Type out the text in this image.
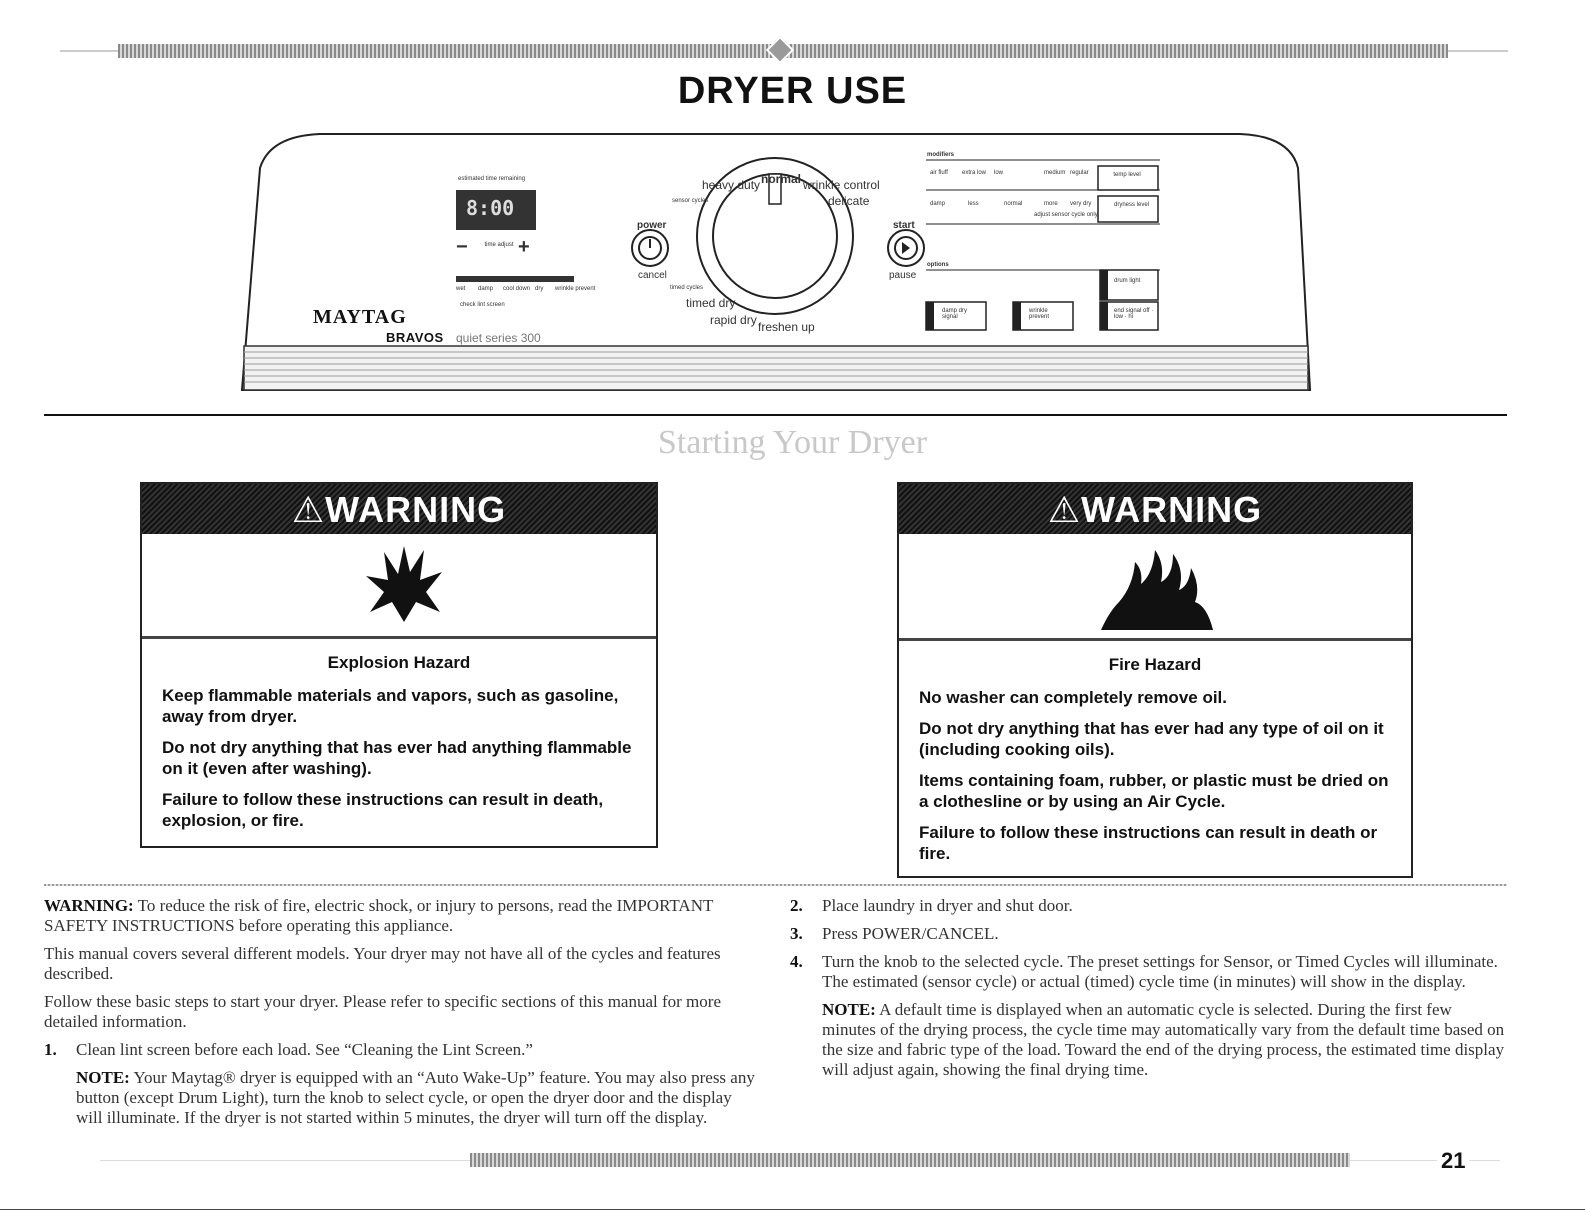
DRYER USE
estimated time remaining
8:00
−	time adjust +
wet damp cool down dry wrinkle prevent
check lint screen
MAYTAG
BRAVOS quiet series 300
power
cancel
normal
heavy duty	wrinkle control
delicate
sensor cycles
timed cycles
timed dry
rapid dry freshen up
start
pause
modifiers
air fluff extra low low	medium regular	temp level
damp	less	normal	more very dry
adjust sensor cycle only
dryness level
options
drum light
damp dry signal
wrinkle prevent
end signal off · low · hi
Starting Your Dryer
⚠WARNING
Explosion Hazard

Keep flammable materials and vapors, such as gasoline, away from dryer.

Do not dry anything that has ever had anything flammable on it (even after washing).

Failure to follow these instructions can result in death, explosion, or fire.

⚠WARNING
Fire Hazard

No washer can completely remove oil.

Do not dry anything that has ever had any type of oil on it (including cooking oils).

Items containing foam, rubber, or plastic must be dried on a clothesline or by using an Air Cycle.

Failure to follow these instructions can result in death or fire.

WARNING: To reduce the risk of fire, electric shock, or injury to persons, read the IMPORTANT SAFETY INSTRUCTIONS before operating this appliance.

This manual covers several different models. Your dryer may not have all of the cycles and features described.

Follow these basic steps to start your dryer. Please refer to specific sections of this manual for more detailed information.

1. Clean lint screen before each load. See “Cleaning the Lint Screen.”

NOTE: Your Maytag® dryer is equipped with an “Auto Wake-Up” feature. You may also press any button (except Drum Light), turn the knob to select cycle, or open the dryer door and the display will illuminate. If the dryer is not started within 5 minutes, the dryer will turn off the display.

2. Place laundry in dryer and shut door.

3. Press POWER/CANCEL.

4. Turn the knob to the selected cycle. The preset settings for Sensor, or Timed Cycles will illuminate. The estimated (sensor cycle) or actual (timed) cycle time (in minutes) will show in the display.

NOTE: A default time is displayed when an automatic cycle is selected. During the first few minutes of the drying process, the cycle time may automatically vary from the default time based on the size and fabric type of the load. Toward the end of the drying process, the estimated time display will adjust again, showing the final drying time.

21
